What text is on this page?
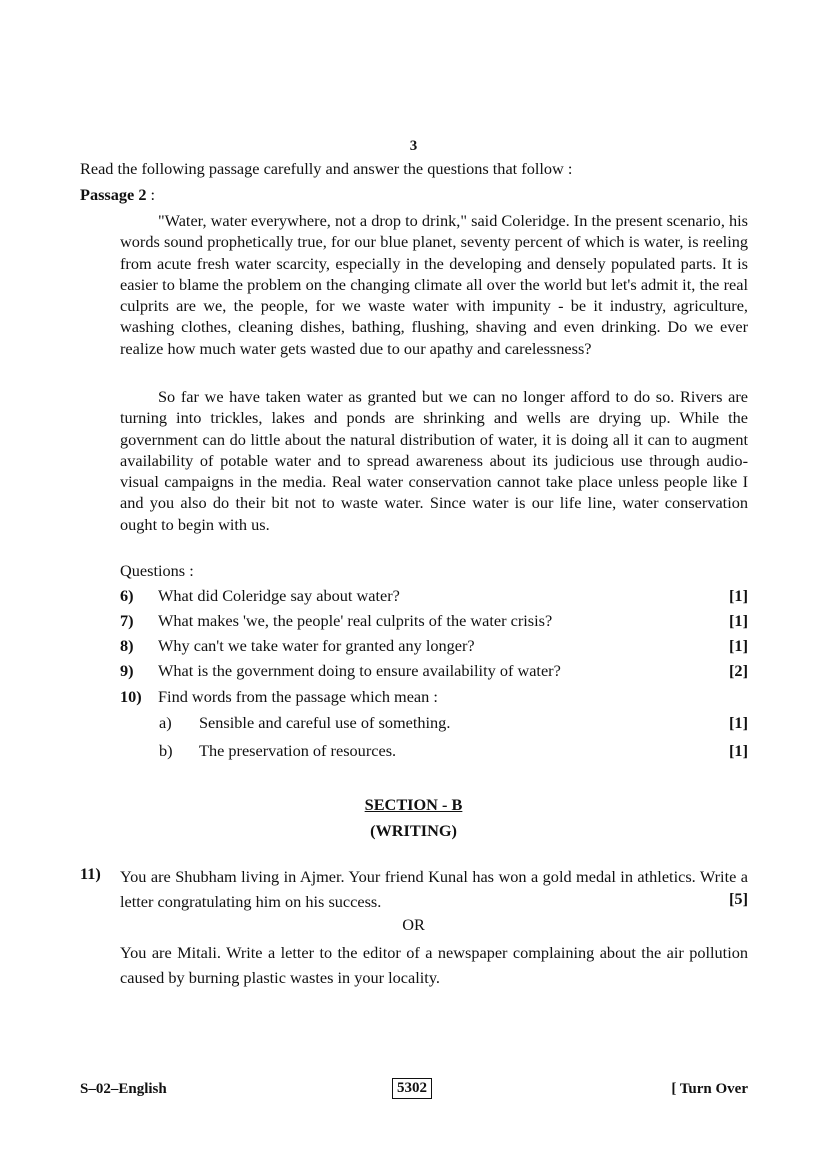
3
Read the following passage carefully and answer the questions that follow :
Passage 2 :
"Water, water everywhere, not a drop to drink," said Coleridge. In the present scenario, his words sound prophetically true, for our blue planet, seventy percent of which is water, is reeling from acute fresh water scarcity, especially in the developing and densely populated parts. It is easier to blame the problem on the changing climate all over the world but let's admit it, the real culprits are we, the people, for we waste water with impunity - be it industry, agriculture, washing clothes, cleaning dishes, bathing, flushing, shaving and even drinking. Do we ever realize how much water gets wasted due to our apathy and carelessness?
So far we have taken water as granted but we can no longer afford to do so. Rivers are turning into trickles, lakes and ponds are shrinking and wells are drying up. While the government can do little about the natural distribution of water, it is doing all it can to augment availability of potable water and to spread awareness about its judicious use through audio-visual campaigns in the media. Real water conservation cannot take place unless people like I and you also do their bit not to waste water. Since water is our life line, water conservation ought to begin with us.
Questions :
6) What did Coleridge say about water?	[1]
7) What makes 'we, the people' real culprits of the water crisis?	[1]
8) Why can't we take water for granted any longer?	[1]
9) What is the government doing to ensure availability of water?	[2]
10) Find words from the passage which mean :
a) Sensible and careful use of something.	[1]
b) The preservation of resources.	[1]
SECTION - B
(WRITING)
11) You are Shubham living in Ajmer. Your friend Kunal has won a gold medal in athletics. Write a letter congratulating him on his success.	[5]
OR
You are Mitali. Write a letter to the editor of a newspaper complaining about the air pollution caused by burning plastic wastes in your locality.
S–02–English	5302	[ Turn Over
